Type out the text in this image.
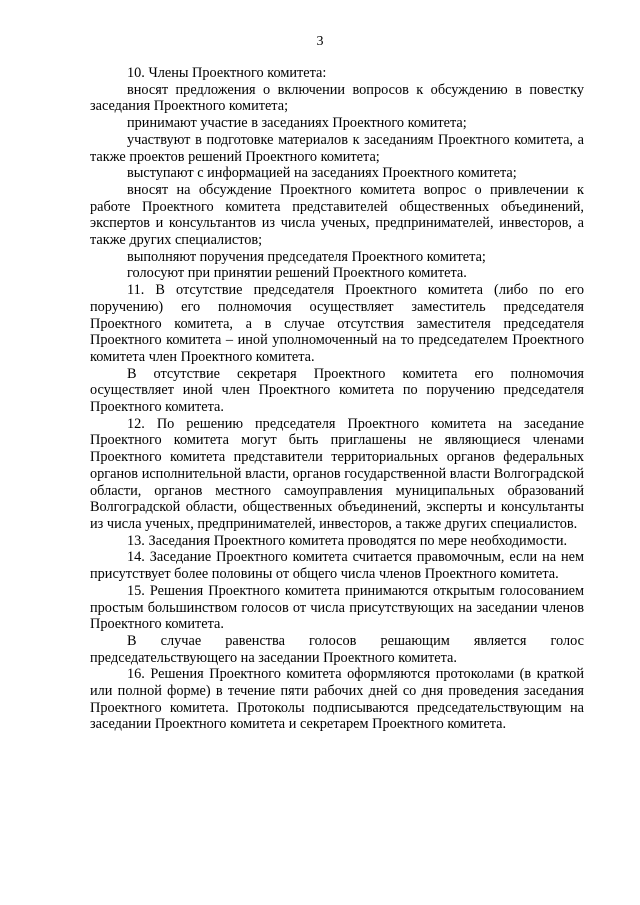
3

10. Члены Проектного комитета:

вносят предложения о включении вопросов к обсуждению в повестку заседания Проектного комитета;

принимают участие в заседаниях Проектного комитета;

участвуют в подготовке материалов к заседаниям Проектного комитета, а также проектов решений Проектного комитета;

выступают с информацией на заседаниях Проектного комитета;

вносят на обсуждение Проектного комитета вопрос о привлечении к работе Проектного комитета представителей общественных объединений, экспертов и консультантов из числа ученых, предпринимателей, инвесторов, а также других специалистов;

выполняют поручения председателя Проектного комитета;

голосуют при принятии решений Проектного комитета.

11. В отсутствие председателя Проектного комитета (либо по его поручению) его полномочия осуществляет заместитель председателя Проектного комитета, а в случае отсутствия заместителя председателя Проектного комитета – иной уполномоченный на то председателем Проектного комитета член Проектного комитета.

В отсутствие секретаря Проектного комитета его полномочия осуществляет иной член Проектного комитета по поручению председателя Проектного комитета.

12. По решению председателя Проектного комитета на заседание Проектного комитета могут быть приглашены не являющиеся членами Проектного комитета представители территориальных органов федеральных органов исполнительной власти, органов государственной власти Волгоградской области, органов местного самоуправления муниципальных образований Волгоградской области, общественных объединений, эксперты и консультанты из числа ученых, предпринимателей, инвесторов, а также других специалистов.

13. Заседания Проектного комитета проводятся по мере необходимости.

14. Заседание Проектного комитета считается правомочным, если на нем присутствует более половины от общего числа членов Проектного комитета.

15. Решения Проектного комитета принимаются открытым голосованием простым большинством голосов от числа присутствующих на заседании членов Проектного комитета.

В случае равенства голосов решающим является голос председательствующего на заседании Проектного комитета.

16. Решения Проектного комитета оформляются протоколами (в краткой или полной форме) в течение пяти рабочих дней со дня проведения заседания Проектного комитета. Протоколы подписываются председательствующим на заседании Проектного комитета и секретарем Проектного комитета.
